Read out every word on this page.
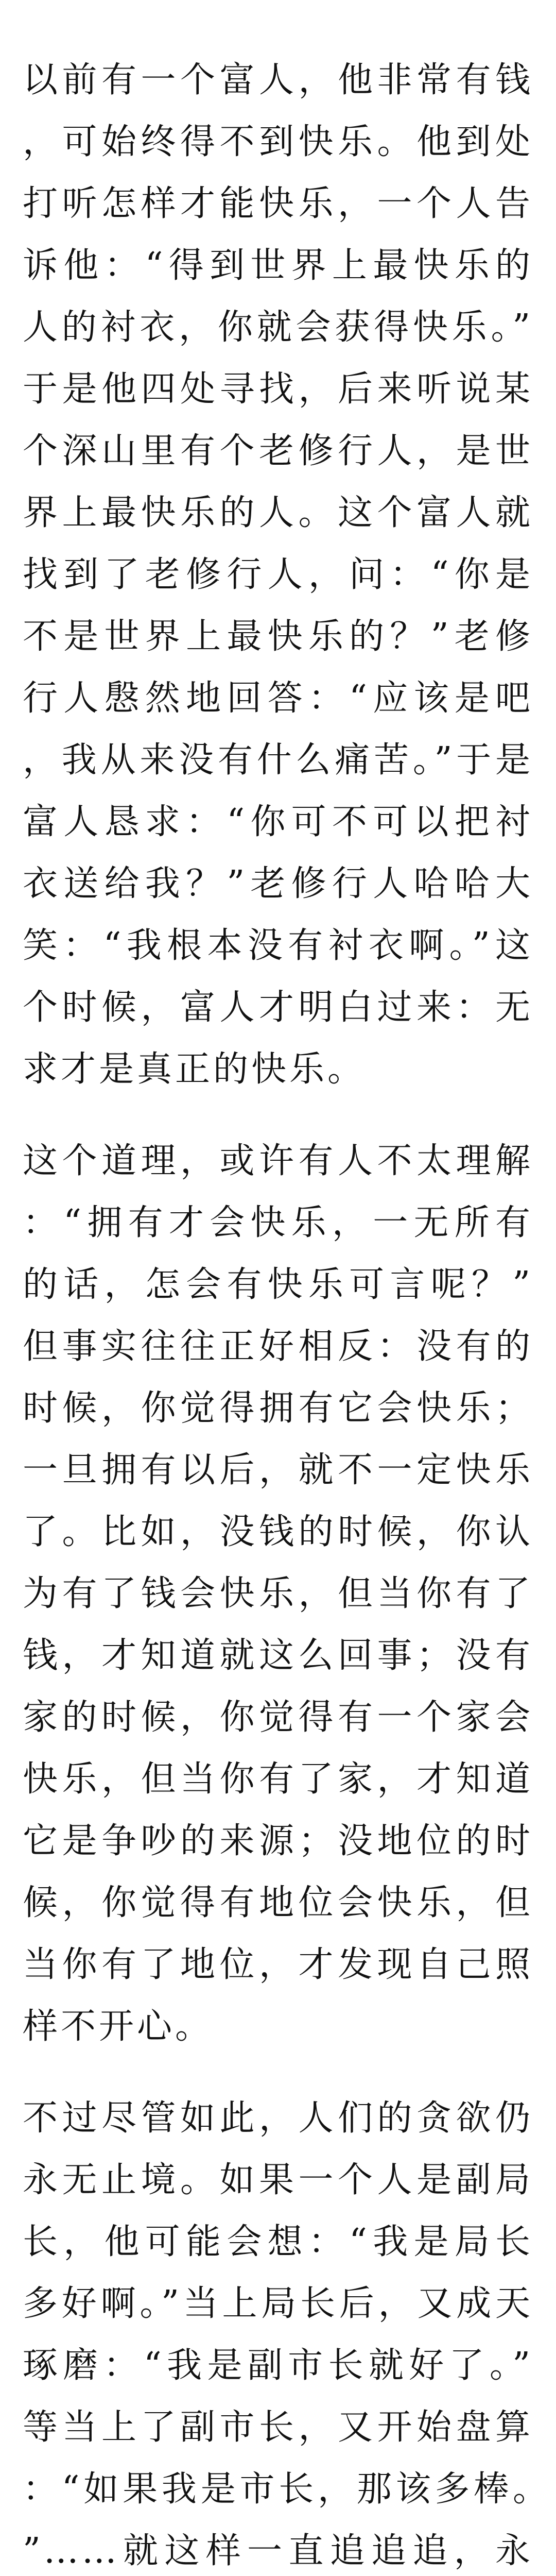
以前有一个富人，他非常有钱，可始终得不到快乐。他到处打听怎样才能快乐，一个人告诉他：“得到世界上最快乐的人的衬衣，你就会获得快乐。”于是他四处寻找，后来听说某个深山里有个老修行人，是世界上最快乐的人。这个富人就找到了老修行人，问：“你是不是世界上最快乐的？”老修行人慇然地回答：“应该是吧，我从来没有什么痛苦。”于是富人恳求：“你可不可以把衬衣送给我？”老修行人哈哈大笑：“我根本没有衬衣啊。”这个时候，富人才明白过来：无求才是真正的快乐。

这个道理，或许有人不太理解：“拥有才会快乐，一无所有的话，怎会有快乐可言呢？”但事实往往正好相反：没有的时候，你觉得拥有它会快乐；一旦拥有以后，就不一定快乐了。比如，没钱的时候，你认为有了钱会快乐，但当你有了钱，才知道就这么回事；没有家的时候，你觉得有一个家会快乐，但当你有了家，才知道它是争吵的来源；没地位的时候，你觉得有地位会快乐，但当你有了地位，才发现自己照样不开心。

不过尽管如此，人们的贪欲仍永无止境。如果一个人是副局长，他可能会想：“我是局长多好啊。”当上局长后，又成天琢磨：“我是副市长就好了。”等当上了副市长，又开始盘算：“如果我是市长，那该多棒。”……就这样一直追追追，永
